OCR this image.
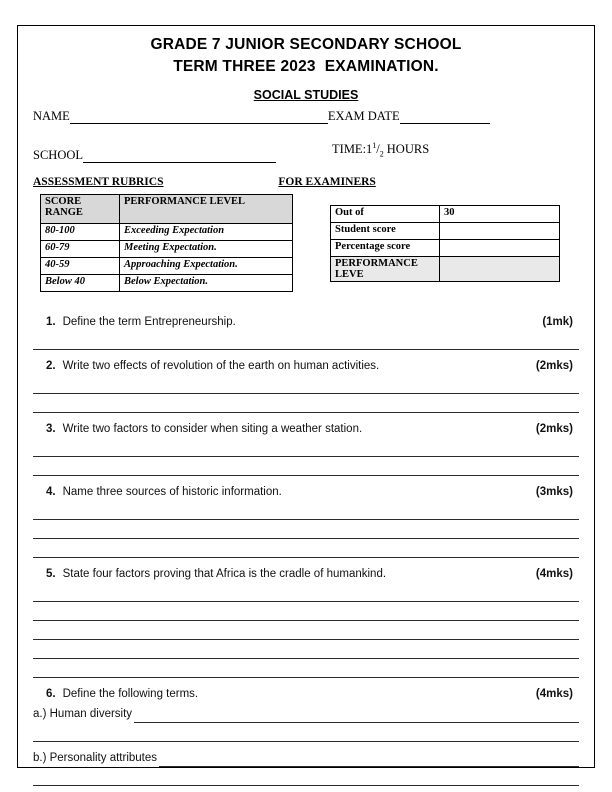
GRADE 7 JUNIOR SECONDARY SCHOOL
TERM THREE 2023  EXAMINATION.
SOCIAL STUDIES
NAME	EXAM DATE
SCHOOL	$TIME:1^1/_2$ HOURS
ASSESSMENT RUBRICS	FOR EXAMINERS
SCORE RANGE	PERFORMANCE LEVEL
80-100	Exceeding Expectation
60-79	Meeting Expectation.
40-59	Approaching Expectation.
Below 40	Below Expectation.
Out of	30
Student score	
Percentage score	
PERFORMANCE LEVE	
1. Define the term Entrepreneurship.	(1mk)
2. Write two effects of revolution of the earth on human activities.	(2mks)
3. Write two factors to consider when siting a weather station.	(2mks)
4. Name three sources of historic information.	(3mks)
5. State four factors proving that Africa is the cradle of humankind.	(4mks)
6. Define the following terms.	(4mks)
a.) Human diversity
b.) Personality attributes
